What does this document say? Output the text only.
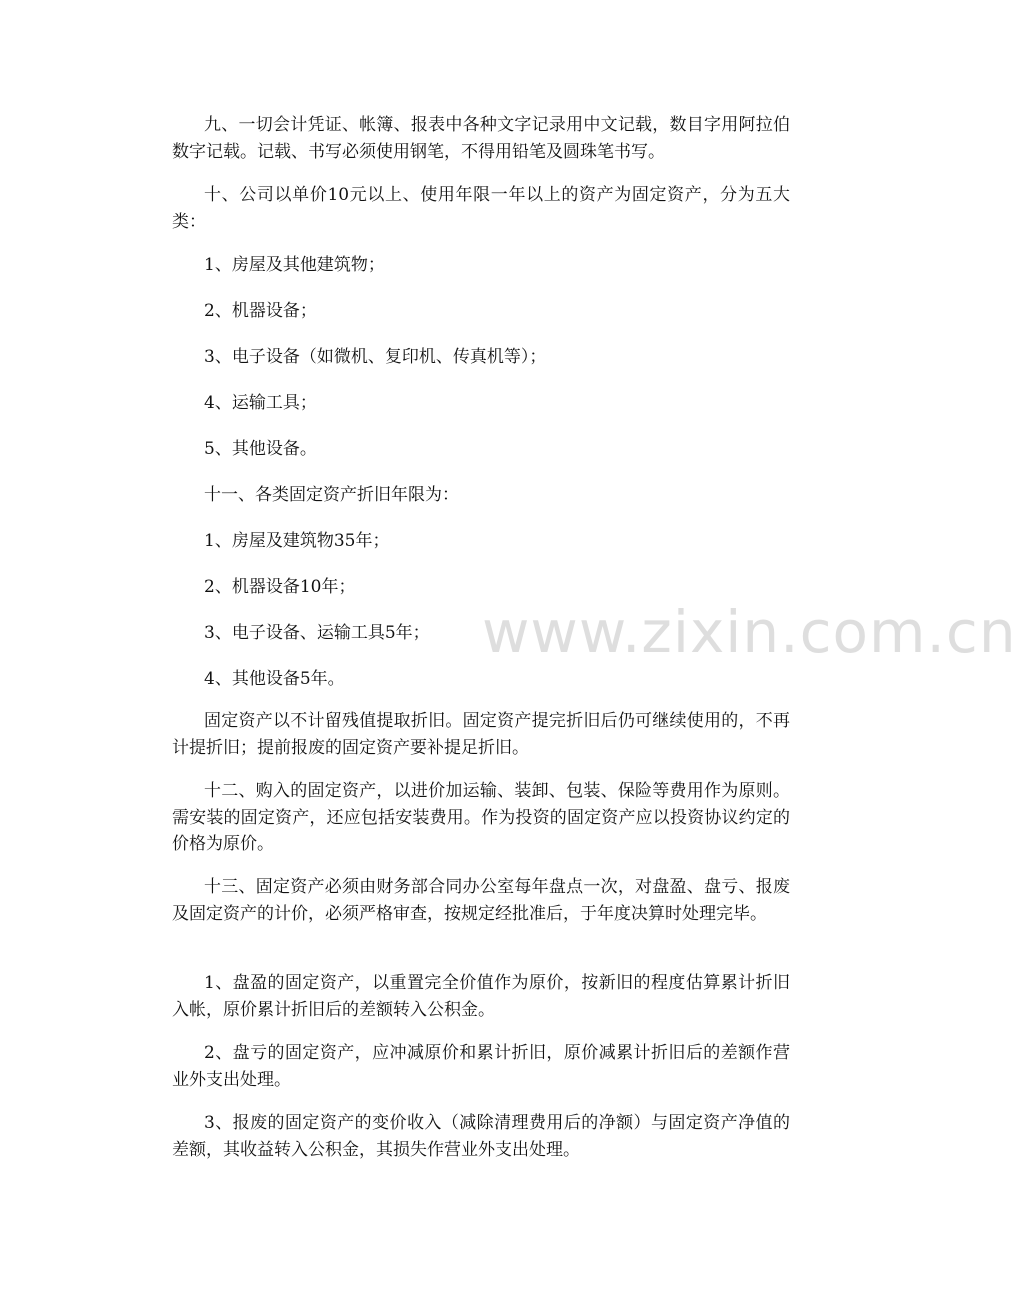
九、一切会计凭证、帐簿、报表中各种文字记录用中文记载，数目字用阿拉伯数字记载。记载、书写必须使用钢笔，不得用铅笔及圆珠笔书写。

十、公司以单价10元以上、使用年限一年以上的资产为固定资产，分为五大类：

1、房屋及其他建筑物；

2、机器设备；

3、电子设备（如微机、复印机、传真机等）；

4、运输工具；

5、其他设备。

十一、各类固定资产折旧年限为：

1、房屋及建筑物35年；

2、机器设备10年；

3、电子设备、运输工具5年；

4、其他设备5年。

固定资产以不计留残值提取折旧。固定资产提完折旧后仍可继续使用的，不再计提折旧；提前报废的固定资产要补提足折旧。

十二、购入的固定资产，以进价加运输、装卸、包装、保险等费用作为原则。需安装的固定资产，还应包括安装费用。作为投资的固定资产应以投资协议约定的价格为原价。

十三、固定资产必须由财务部合同办公室每年盘点一次，对盘盈、盘亏、报废及固定资产的计价，必须严格审查，按规定经批准后，于年度决算时处理完毕。

1、盘盈的固定资产，以重置完全价值作为原价，按新旧的程度估算累计折旧入帐，原价累计折旧后的差额转入公积金。

2、盘亏的固定资产，应冲减原价和累计折旧，原价减累计折旧后的差额作营业外支出处理。

3、报废的固定资产的变价收入（减除清理费用后的净额）与固定资产净值的差额，其收益转入公积金，其损失作营业外支出处理。

www.zixin.com.cn
